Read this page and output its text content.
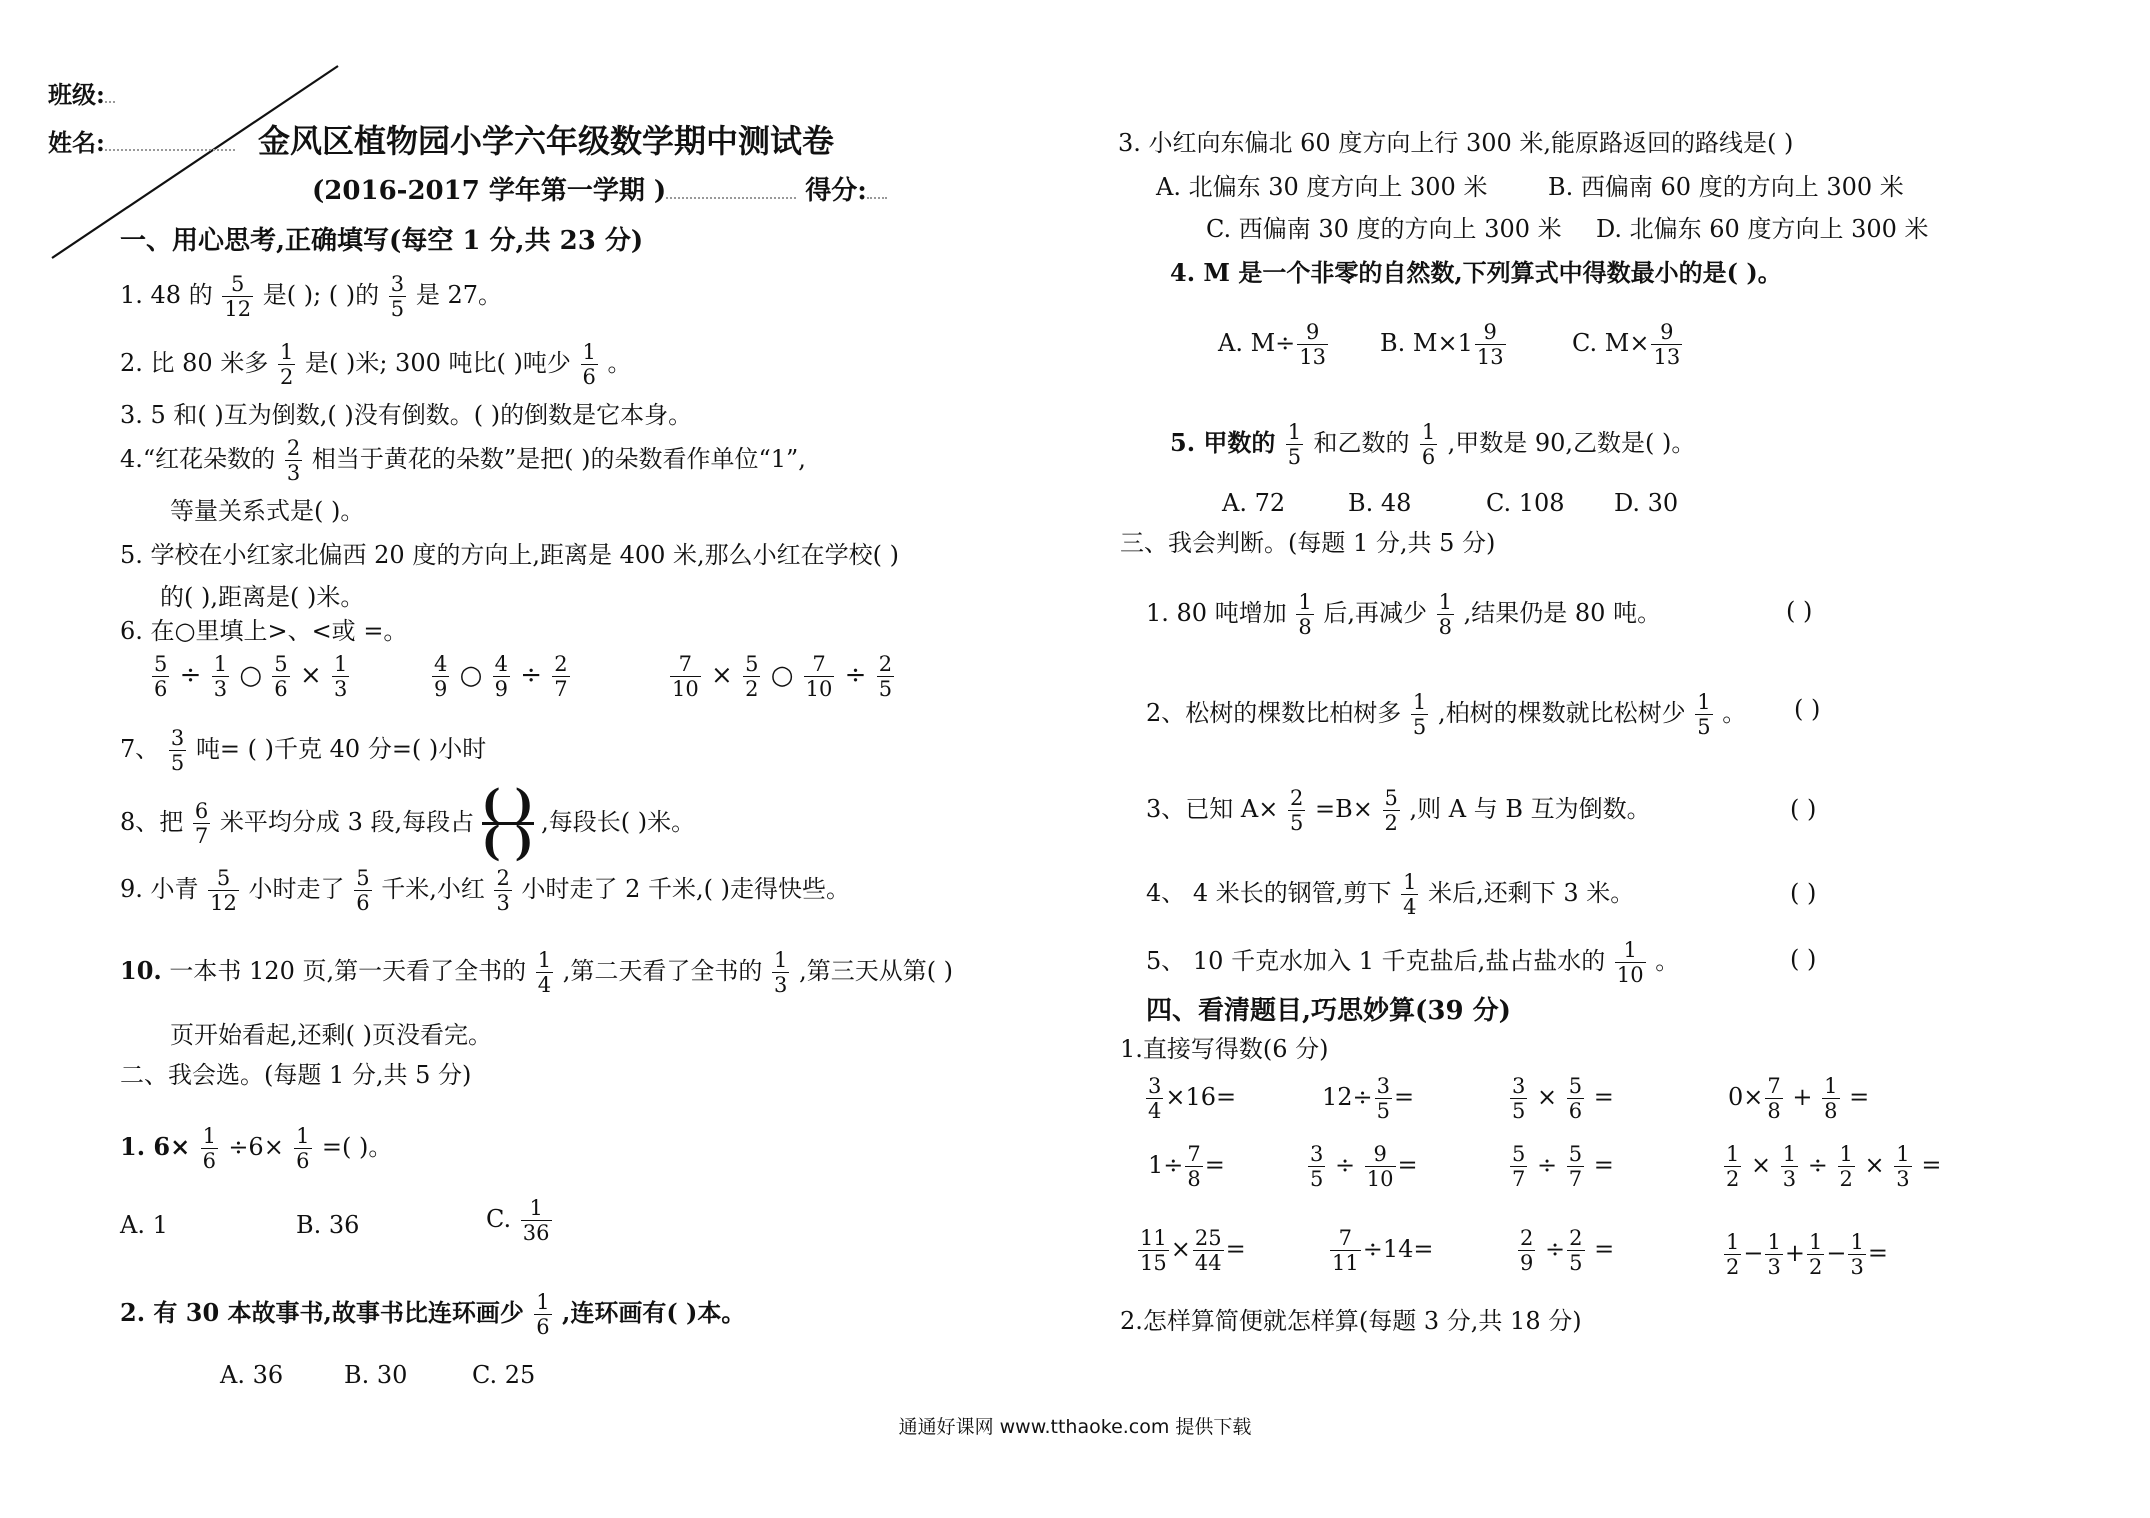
班级:
姓名:	金风区植物园小学六年级数学期中测试卷
(2016-2017 学年第一学期 )	得分:
一、用心思考,正确填写(每空 1 分,共 23 分)
1. 48 的 $\frac{5}{12}$ 是( ); ( )的 $\frac{3}{5}$ 是 27。
2. 比 80 米多 $\frac{1}{2}$ 是( )米; 300 吨比( )吨少 $\frac{1}{6}$ 。
3. 5 和( )互为倒数,( )没有倒数。( )的倒数是它本身。
4.“红花朵数的 $\frac{2}{3}$ 相当于黄花的朵数”是把( )的朵数看作单位“1”,
等量关系式是( )。
5. 学校在小红家北偏西 20 度的方向上,距离是 400 米,那么小红在学校( )
的( ),距离是( )米。
6. 在○里填上>、<或 =。
$\frac{5}{6} \div \frac{1}{3}$ ○ $\frac{5}{6} \times \frac{1}{3}$	$\frac{4}{9}$ ○ $\frac{4}{9} \div \frac{2}{7}$	$\frac{7}{10} \times \frac{5}{2}$ ○ $\frac{7}{10} \div \frac{2}{5}$
7、 $\frac{3}{5}$ 吨= ( )千克 40 分=( )小时
8、把 $\frac{6}{7}$ 米平均分成 3 段,每段占 ( )
( ) ,每段长( )米。
9. 小青 $\frac{5}{12}$ 小时走了 $\frac{5}{6}$ 千米,小红 $\frac{2}{3}$ 小时走了 2 千米,( )走得快些。
10. 一本书 120 页,第一天看了全书的 $\frac{1}{4}$ ,第二天看了全书的 $\frac{1}{3}$ ,第三天从第( )
页开始看起,还剩( )页没看完。
二、我会选。(每题 1 分,共 5 分)
1. $6\times \frac{1}{6} \div 6\times \frac{1}{6}$ =( )。
A. 1	B. 36	C. $\frac{1}{36}$
2. 有 30 本故事书,故事书比连环画少 $\frac{1}{6}$ ,连环画有( )本。
A. 36	B. 30	C. 25
3. 小红向东偏北 60 度方向上行 300 米,能原路返回的路线是( )
A. 北偏东 30 度方向上 300 米	B. 西偏南 60 度的方向上 300 米
C. 西偏南 30 度的方向上 300 米 D. 北偏东 60 度方向上 300 米
4. M 是一个非零的自然数,下列算式中得数最小的是( )。
A. $M\div \frac{9}{13} B$. $M\times 1 \frac{9}{13}$	C. $M\times \frac{9}{13}$
5. 甲数的 $\frac{1}{5}$ 和乙数的 $\frac{1}{6}$ ,甲数是 90,乙数是( )。
A. 72	B. 48	C. 108 D. 30
三、我会判断。(每题 1 分,共 5 分)
1. 80 吨增加 $\frac{1}{8}$ 后,再减少 $\frac{1}{8}$ ,结果仍是 80 吨。	( )
2、松树的棵数比柏树多 $\frac{1}{5}$ ,柏树的棵数就比松树少 $\frac{1}{5}$ 。 ( )
3、已知 $A\times \frac{2}{5} =B\times \frac{5}{2}$ ,则 A 与 B 互为倒数。	( )
4、 4 米长的钢管,剪下 $\frac{1}{4}$ 米后,还剩下 3 米。	( )
5、 10 千克水加入 1 千克盐后,盐占盐水的 $\frac{1}{10}$ 。	( )
四、看清题目,巧思妙算(39 分)
1.直接写得数(6 分)
$\frac{3}{4} \times 16=$	$12\div \frac{3}{5}$ =	$\frac{3}{5} \times \frac{5}{6}$ =	$0\times \frac{7}{8} + \frac{1}{8}$ =
$1\div \frac{7}{8}$ =	$\frac{3}{5} \div \frac{9}{10}$ =	$\frac{5}{7} \div \frac{5}{7}$ =	$\frac{1}{2} \times \frac{1}{3} \div \frac{1}{2} \times \frac{1}{3}$ =
$\frac{11}{15} \times \frac{25}{44}$ =	$\frac{7}{11} \div 14=$	$\frac{2}{9} \div \frac{2}{5}$ =	$\frac{1}{2} - \frac{1}{3} + \frac{1}{2} - \frac{1}{3}$ =
2.怎样算简便就怎样算(每题 3 分,共 18 分)
通通好课网 www.tthaoke.com 提供下载
